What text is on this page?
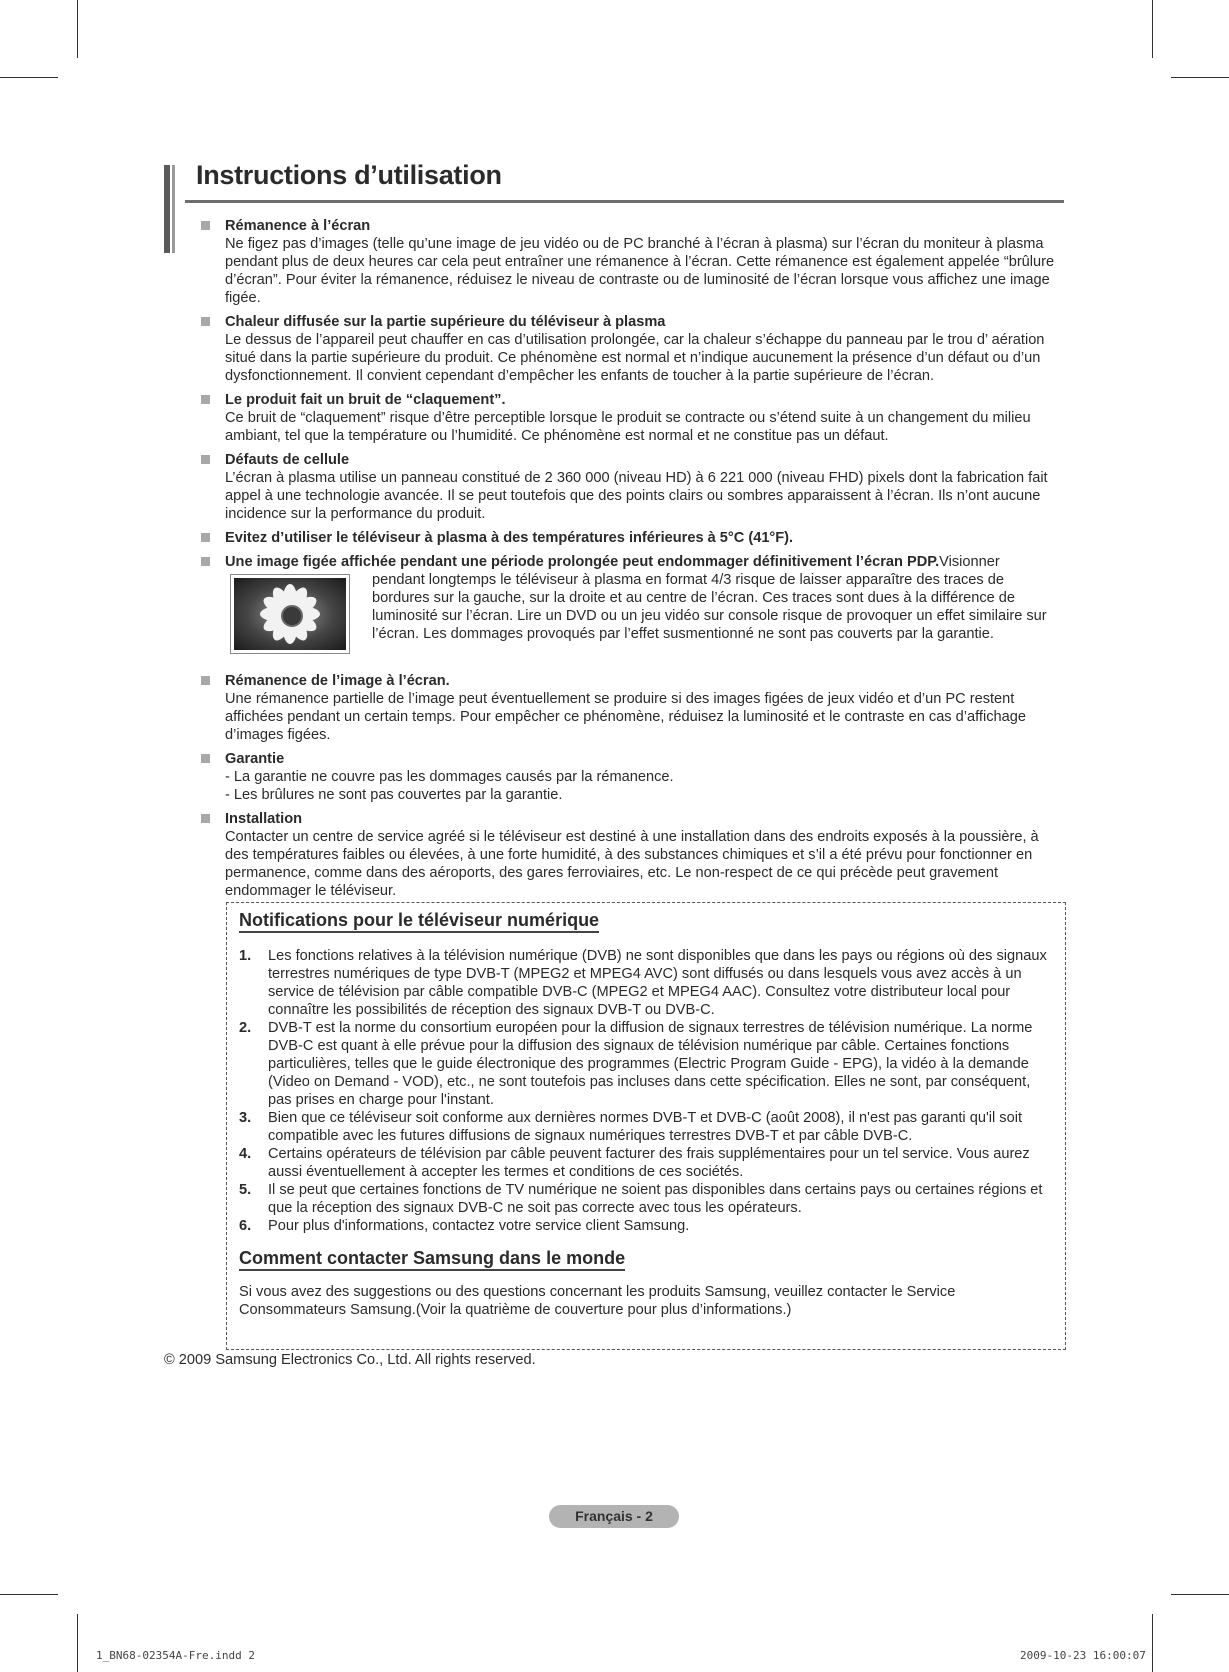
Instructions d’utilisation
Rémanence à l’écran
Ne figez pas d’images (telle qu’une image de jeu vidéo ou de PC branché à l’écran à plasma) sur l’écran du moniteur à plasma pendant plus de deux heures car cela peut entraîner une rémanence à l’écran. Cette rémanence est également appelée “brûlure d’écran”. Pour éviter la rémanence, réduisez le niveau de contraste ou de luminosité de l’écran lorsque vous affichez une image figée.
Chaleur diffusée sur la partie supérieure du téléviseur à plasma
Le dessus de l’appareil peut chauffer en cas d’utilisation prolongée, car la chaleur s’échappe du panneau par le trou d’ aération situé dans la partie supérieure du produit. Ce phénomène est normal et n’indique aucunement la présence d’un défaut ou d’un dysfonctionnement. Il convient cependant d’empêcher les enfants de toucher à la partie supérieure de l’écran.
Le produit fait un bruit de “claquement”.
Ce bruit de “claquement” risque d’être perceptible lorsque le produit se contracte ou s’étend suite à un changement du milieu ambiant, tel que la température ou l’humidité. Ce phénomène est normal et ne constitue pas un défaut.
Défauts de cellule
L’écran à plasma utilise un panneau constitué de 2 360 000 (niveau HD) à 6 221 000 (niveau FHD) pixels dont la fabrication fait appel à une technologie avancée. Il se peut toutefois que des points clairs ou sombres apparaissent à l’écran. Ils n’ont aucune incidence sur la performance du produit.
Evitez d’utiliser le téléviseur à plasma à des températures inférieures à 5°C (41°F).
Une image figée affichée pendant une période prolongée peut endommager définitivement l’écran PDP.Visionner
pendant longtemps le téléviseur à plasma en format 4/3 risque de laisser apparaître des traces de bordures sur la gauche, sur la droite et au centre de l’écran. Ces traces sont dues à la différence de luminosité sur l’écran. Lire un DVD ou un jeu vidéo sur console risque de provoquer un effet similaire sur l’écran. Les dommages provoqués par l’effet susmentionné ne sont pas couverts par la garantie.
Rémanence de l’image à l’écran.
Une rémanence partielle de l’image peut éventuellement se produire si des images figées de jeux vidéo et d’un PC restent affichées pendant un certain temps. Pour empêcher ce phénomène, réduisez la luminosité et le contraste en cas d’affichage d’images figées.
Garantie
- La garantie ne couvre pas les dommages causés par la rémanence.
- Les brûlures ne sont pas couvertes par la garantie.
Installation
Contacter un centre de service agréé si le téléviseur est destiné à une installation dans des endroits exposés à la poussière, à des températures faibles ou élevées, à une forte humidité, à des substances chimiques et s’il a été prévu pour fonctionner en permanence, comme dans des aéroports, des gares ferroviaires, etc. Le non-respect de ce qui précède peut gravement endommager le téléviseur.
Notifications pour le téléviseur numérique
1. Les fonctions relatives à la télévision numérique (DVB) ne sont disponibles que dans les pays ou régions où des signaux terrestres numériques de type DVB-T (MPEG2 et MPEG4 AVC) sont diffusés ou dans lesquels vous avez accès à un service de télévision par câble compatible DVB-C (MPEG2 et MPEG4 AAC). Consultez votre distributeur local pour connaître les possibilités de réception des signaux DVB-T ou DVB-C.
2. DVB-T est la norme du consortium européen pour la diffusion de signaux terrestres de télévision numérique. La norme DVB-C est quant à elle prévue pour la diffusion des signaux de télévision numérique par câble. Certaines fonctions particulières, telles que le guide électronique des programmes (Electric Program Guide - EPG), la vidéo à la demande (Video on Demand - VOD), etc., ne sont toutefois pas incluses dans cette spécification. Elles ne sont, par conséquent, pas prises en charge pour l'instant.
3. Bien que ce téléviseur soit conforme aux dernières normes DVB-T et DVB-C (août 2008), il n'est pas garanti qu'il soit compatible avec les futures diffusions de signaux numériques terrestres DVB-T et par câble DVB-C.
4. Certains opérateurs de télévision par câble peuvent facturer des frais supplémentaires pour un tel service. Vous aurez aussi éventuellement à accepter les termes et conditions de ces sociétés.
5. Il se peut que certaines fonctions de TV numérique ne soient pas disponibles dans certains pays ou certaines régions et que la réception des signaux DVB-C ne soit pas correcte avec tous les opérateurs.
6. Pour plus d'informations, contactez votre service client Samsung.
Comment contacter Samsung dans le monde
Si vous avez des suggestions ou des questions concernant les produits Samsung, veuillez contacter le Service Consommateurs Samsung.(Voir la quatrième de couverture pour plus d’informations.)
© 2009 Samsung Electronics Co., Ltd. All rights reserved.
Français - 2
1_BN68-02354A-Fre.indd 2	2009-10-23 16:00:07
